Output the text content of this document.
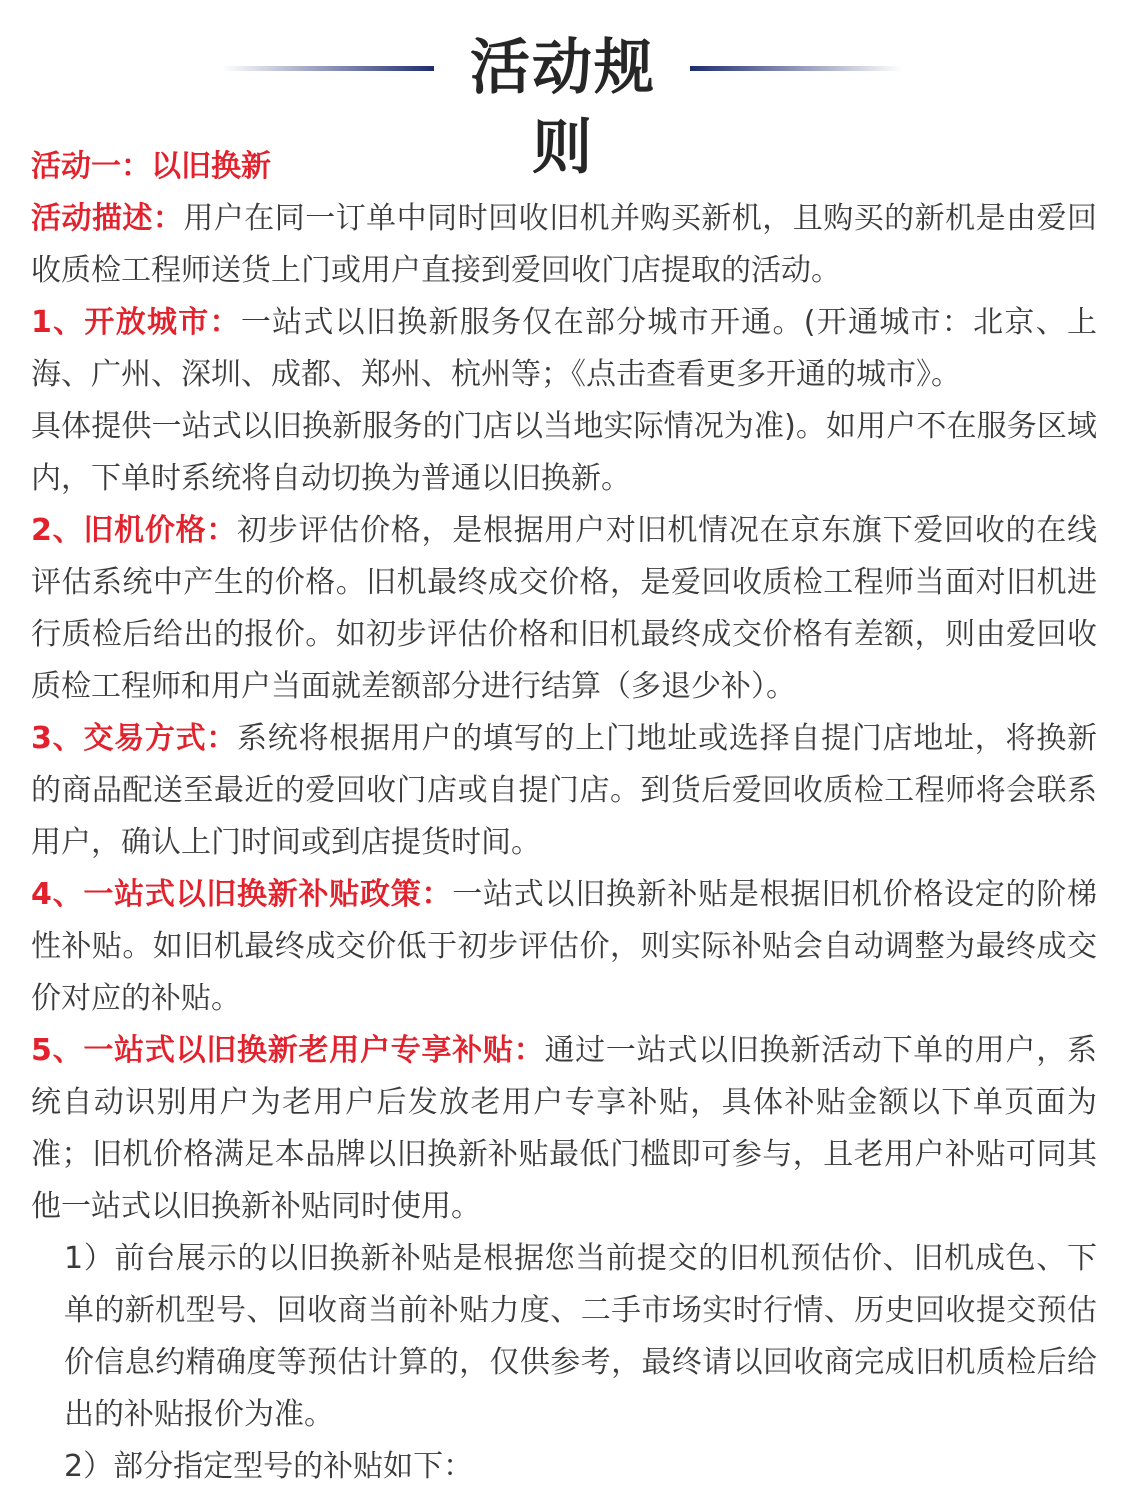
活动规则

活动一：以旧换新

活动描述：用户在同一订单中同时回收旧机并购买新机，且购买的新机是由爱回收质检工程师送货上门或用户直接到爱回收门店提取的活动。

1、开放城市：一站式以旧换新服务仅在部分城市开通。(开通城市：北京、上海、广州、深圳、成都、郑州、杭州等；《点击查看更多开通的城市》。

具体提供一站式以旧换新服务的门店以当地实际情况为准)。如用户不在服务区域内，下单时系统将自动切换为普通以旧换新。

2、旧机价格：初步评估价格，是根据用户对旧机情况在京东旗下爱回收的在线评估系统中产生的价格。旧机最终成交价格，是爱回收质检工程师当面对旧机进行质检后给出的报价。如初步评估价格和旧机最终成交价格有差额，则由爱回收质检工程师和用户当面就差额部分进行结算（多退少补）。

3、交易方式：系统将根据用户的填写的上门地址或选择自提门店地址，将换新的商品配送至最近的爱回收门店或自提门店。到货后爱回收质检工程师将会联系用户，确认上门时间或到店提货时间。

4、一站式以旧换新补贴政策：一站式以旧换新补贴是根据旧机价格设定的阶梯性补贴。如旧机最终成交价低于初步评估价，则实际补贴会自动调整为最终成交价对应的补贴。

5、一站式以旧换新老用户专享补贴：通过一站式以旧换新活动下单的用户，系统自动识别用户为老用户后发放老用户专享补贴，具体补贴金额以下单页面为准；旧机价格满足本品牌以旧换新补贴最低门槛即可参与，且老用户补贴可同其他一站式以旧换新补贴同时使用。

1）前台展示的以旧换新补贴是根据您当前提交的旧机预估价、旧机成色、下单的新机型号、回收商当前补贴力度、二手市场实时行情、历史回收提交预估价信息约精确度等预估计算的，仅供参考，最终请以回收商完成旧机质检后给出的补贴报价为准。

2）部分指定型号的补贴如下：
